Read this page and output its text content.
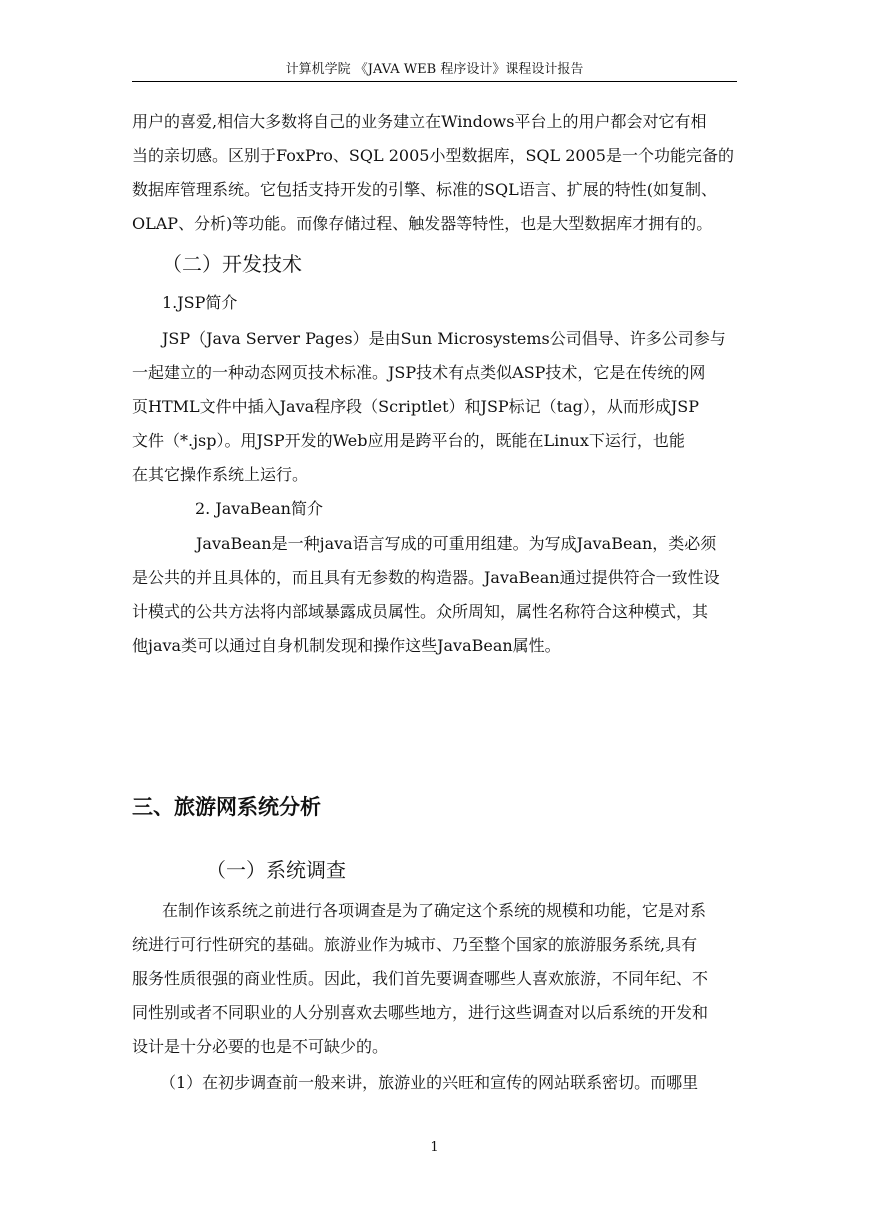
计算机学院 《JAVA WEB 程序设计》课程设计报告
用户的喜爱,相信大多数将自己的业务建立在Windows平台上的用户都会对它有相
当的亲切感。区别于FoxPro、SQL 2005小型数据库，SQL 2005是一个功能完备的
数据库管理系统。它包括支持开发的引擎、标准的SQL语言、扩展的特性(如复制、
OLAP、分析)等功能。而像存储过程、触发器等特性，也是大型数据库才拥有的。
（二）开发技术
1.JSP简介
JSP（Java Server Pages）是由Sun Microsystems公司倡导、许多公司参与
一起建立的一种动态网页技术标准。JSP技术有点类似ASP技术，它是在传统的网
页HTML文件中插入Java程序段（Scriptlet）和JSP标记（tag），从而形成JSP
文件（*.jsp）。用JSP开发的Web应用是跨平台的，既能在Linux下运行，也能
在其它操作系统上运行。
2. JavaBean简介
JavaBean是一种java语言写成的可重用组建。为写成JavaBean，类必须
是公共的并且具体的，而且具有无参数的构造器。JavaBean通过提供符合一致性设
计模式的公共方法将内部域暴露成员属性。众所周知，属性名称符合这种模式，其
他java类可以通过自身机制发现和操作这些JavaBean属性。
三、旅游网系统分析
（一）系统调查
在制作该系统之前进行各项调查是为了确定这个系统的规模和功能，它是对系
统进行可行性研究的基础。旅游业作为城市、乃至整个国家的旅游服务系统,具有
服务性质很强的商业性质。因此，我们首先要调查哪些人喜欢旅游，不同年纪、不
同性别或者不同职业的人分别喜欢去哪些地方，进行这些调查对以后系统的开发和
设计是十分必要的也是不可缺少的。
（1）在初步调查前一般来讲，旅游业的兴旺和宣传的网站联系密切。而哪里
1
